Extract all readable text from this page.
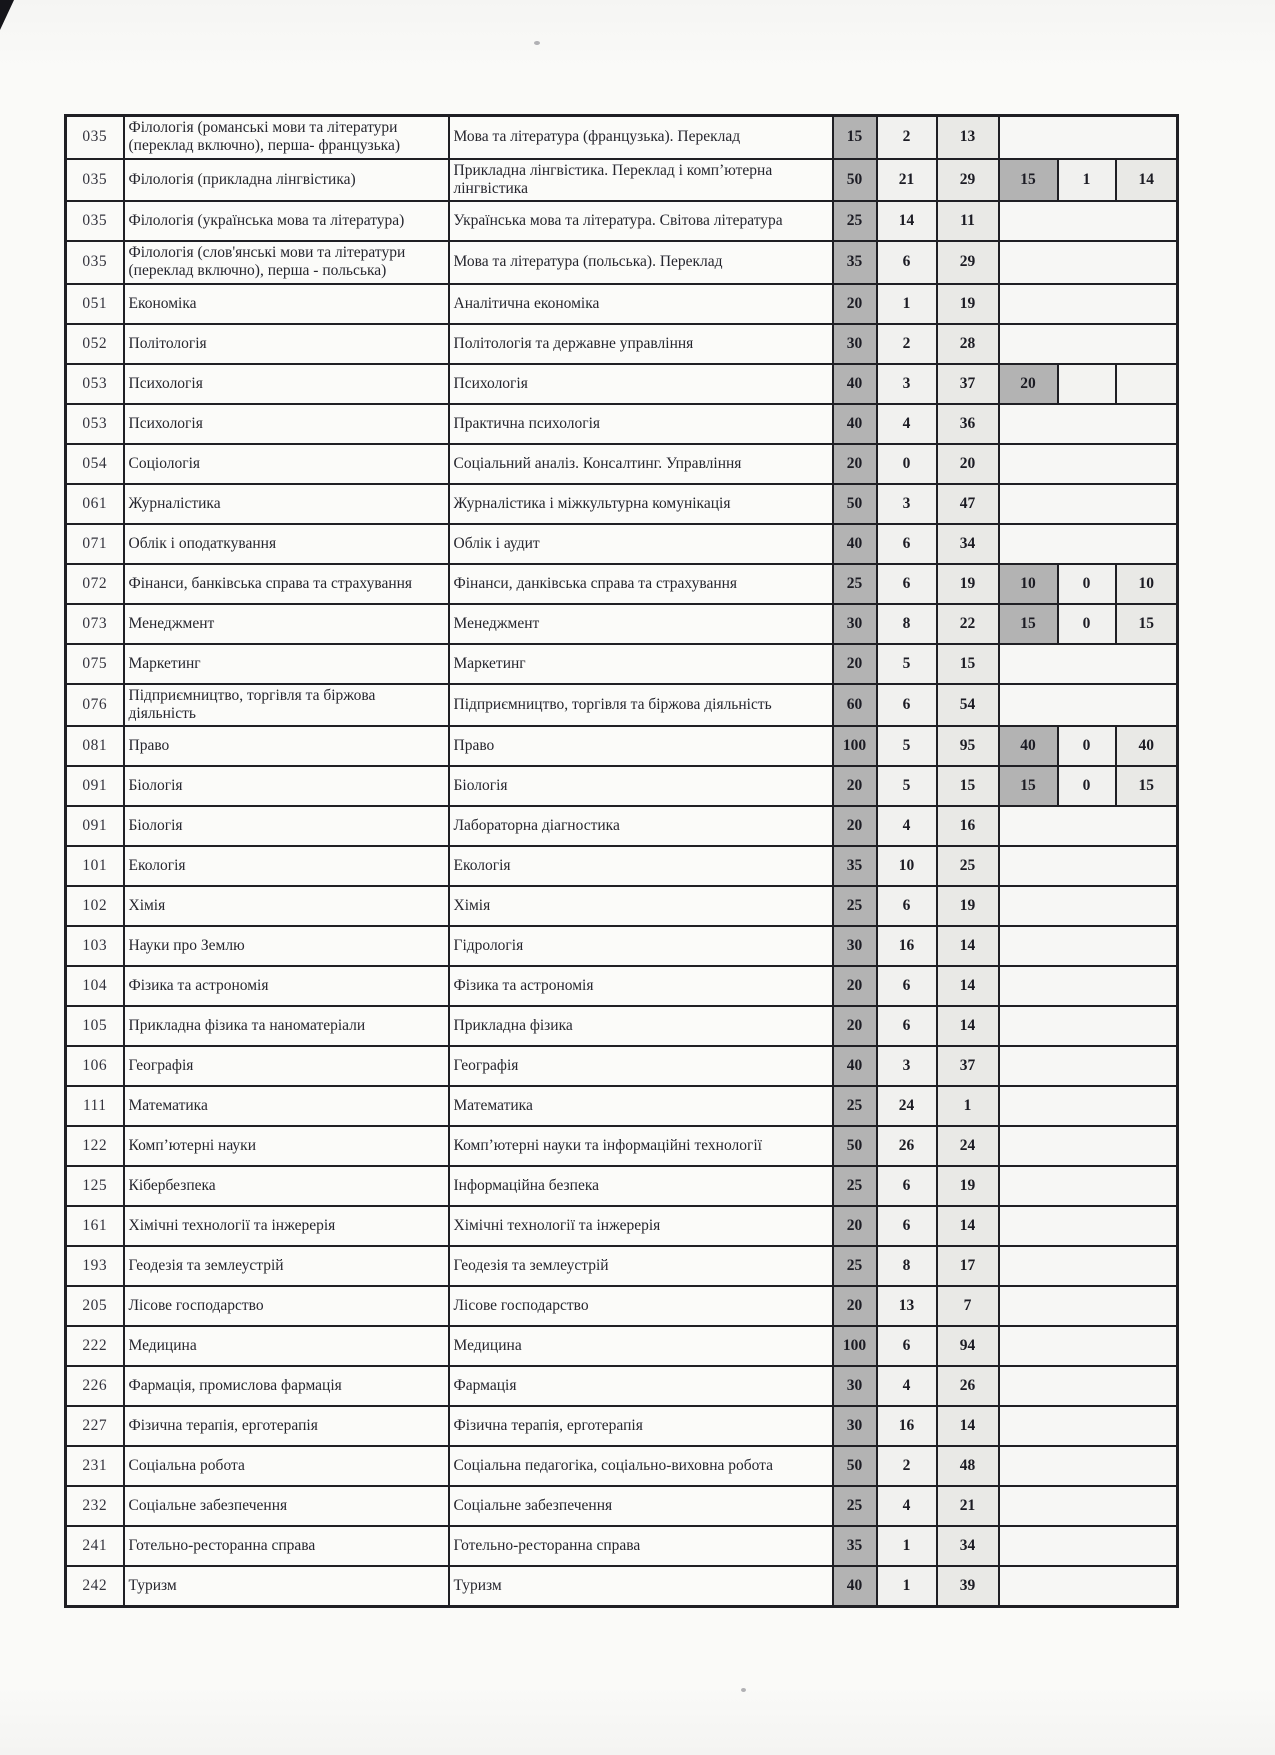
035	Філологія (романські мови та літератури (переклад включно), перша- французька)	Мова та література (французька). Переклад	15	2	13			
035	Філологія (прикладна лінгвістика)	Прикладна лінгвістика. Переклад і комп’ютерна лінгвістика	50	21	29	15	1	14
035	Філологія (українська мова та література)	Українська мова та література. Світова література	25	14	11			
035	Філологія (слов'янські мови та літератури (переклад включно), перша - польська)	Мова та література (польська). Переклад	35	6	29			
051	Економіка	Аналітична економіка	20	1	19			
052	Політологія	Політологія та державне управління	30	2	28			
053	Психологія	Психологія	40	3	37	20		
053	Психологія	Практична психологія	40	4	36			
054	Соціологія	Соціальний аналіз. Консалтинг. Управління	20	0	20			
061	Журналістика	Журналістика і міжкультурна комунікація	50	3	47			
071	Облік і оподаткування	Облік і аудит	40	6	34			
072	Фінанси, банківська справа та страхування	Фінанси, данківська справа та страхування	25	6	19	10	0	10
073	Менеджмент	Менеджмент	30	8	22	15	0	15
075	Маркетинг	Маркетинг	20	5	15			
076	Підприємництво, торгівля та біржова діяльність	Підприємництво, торгівля та біржова діяльність	60	6	54			
081	Право	Право	100	5	95	40	0	40
091	Біологія	Біологія	20	5	15	15	0	15
091	Біологія	Лабораторна діагностика	20	4	16			
101	Екологія	Екологія	35	10	25			
102	Хімія	Хімія	25	6	19			
103	Науки про Землю	Гідрологія	30	16	14			
104	Фізика та астрономія	Фізика та астрономія	20	6	14			
105	Прикладна фізика та наноматеріали	Прикладна фізика	20	6	14			
106	Географія	Географія	40	3	37			
111	Математика	Математика	25	24	1			
122	Комп’ютерні науки	Комп’ютерні науки та інформаційні технології	50	26	24			
125	Кібербезпека	Інформаційна безпека	25	6	19			
161	Хімічні технології та інжерерія	Хімічні технології та інжерерія	20	6	14			
193	Геодезія та землеустрій	Геодезія та землеустрій	25	8	17			
205	Лісове господарство	Лісове господарство	20	13	7			
222	Медицина	Медицина	100	6	94			
226	Фармація, промислова фармація	Фармація	30	4	26			
227	Фізична терапія, ерготерапія	Фізична терапія, ерготерапія	30	16	14			
231	Соціальна робота	Соціальна педагогіка, соціально-виховна робота	50	2	48			
232	Соціальне забезпечення	Соціальне забезпечення	25	4	21			
241	Готельно-ресторанна справа	Готельно-ресторанна справа	35	1	34			
242	Туризм	Туризм	40	1	39			
